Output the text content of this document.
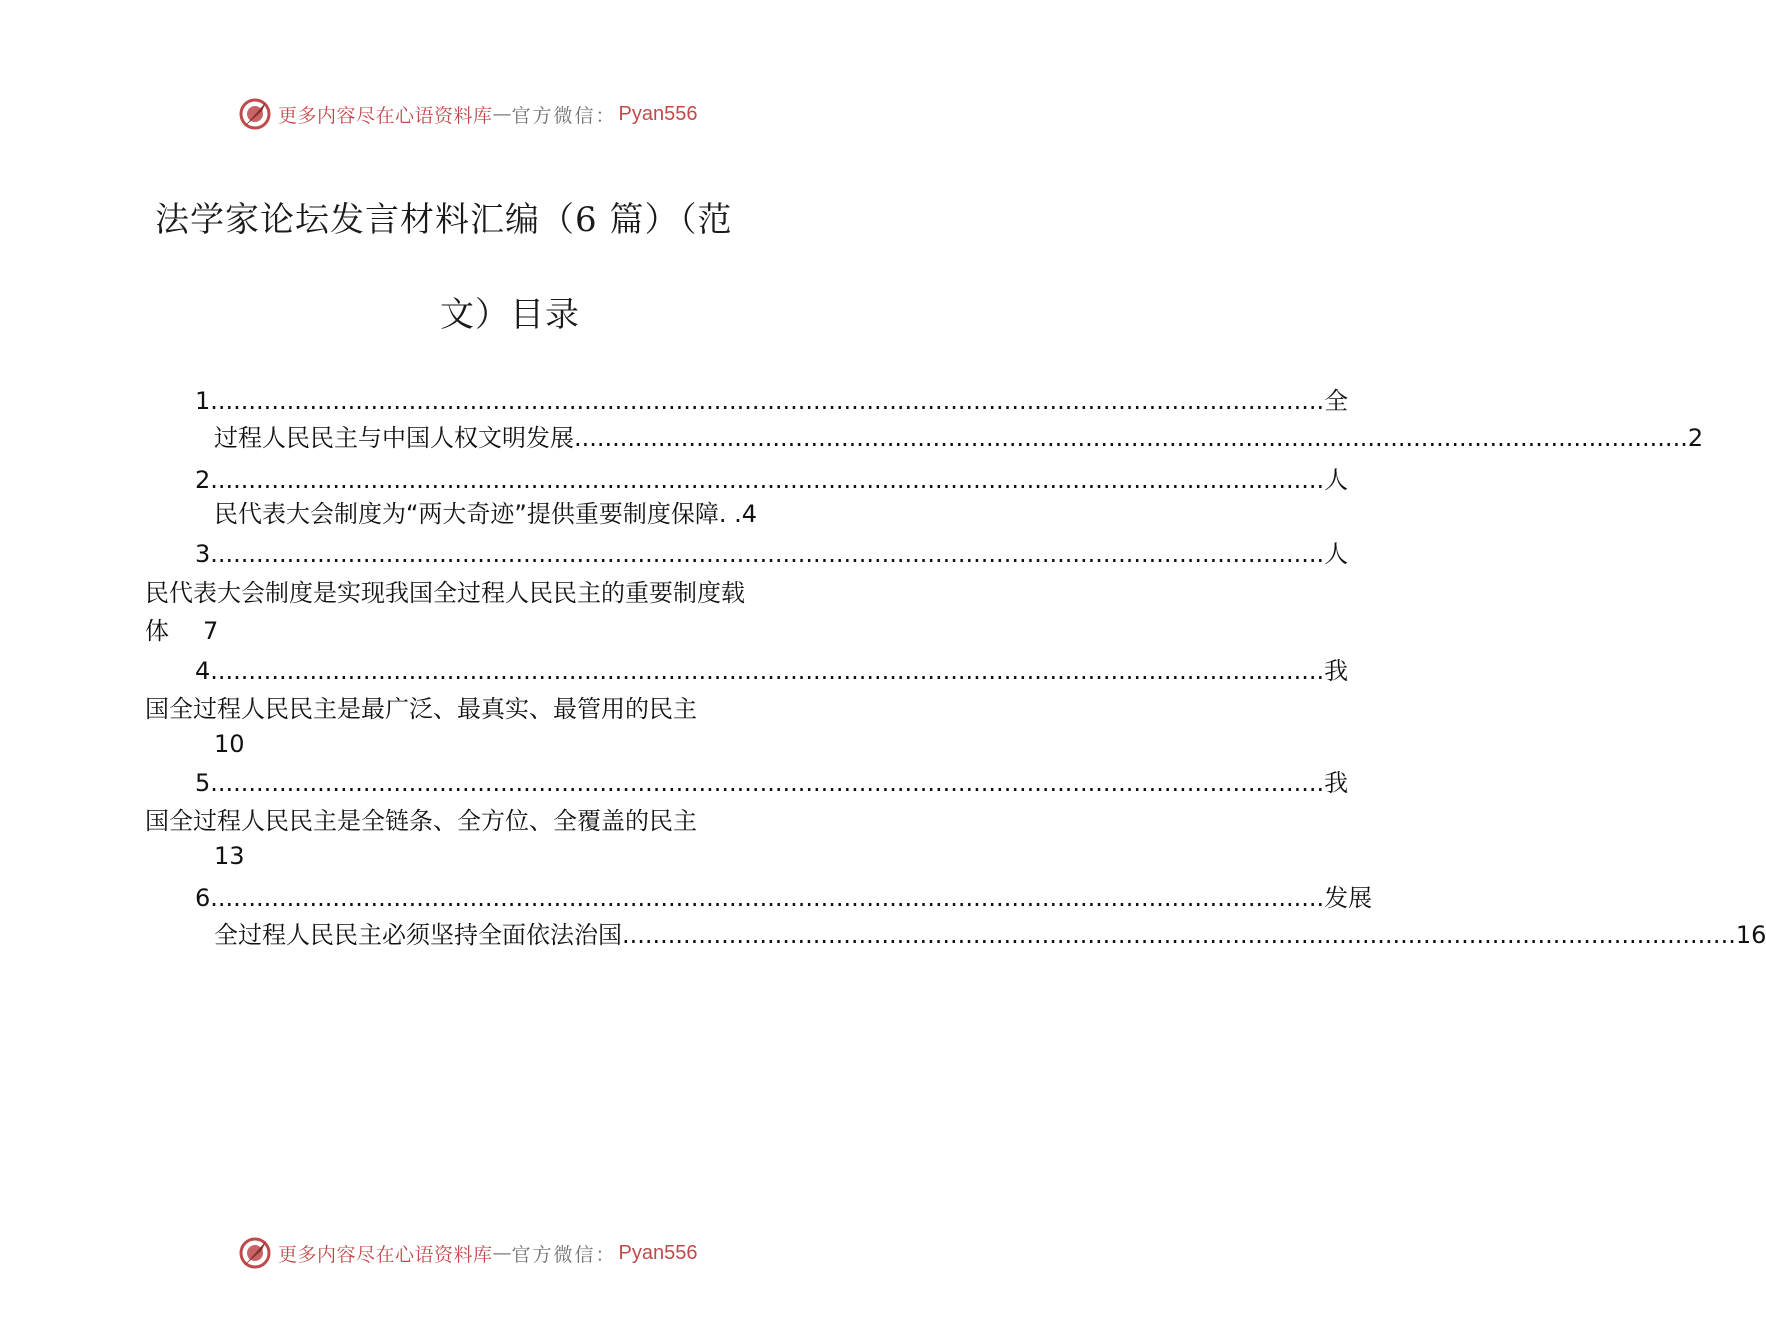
更多内容尽在心语资料库 — 官方微信： Pyan556
法学家论坛发言材料汇编（6 篇）（范
文）目录
1 .................................................................................................................................................. 全
过程人民民主与中国人权文明发展 .................................................................................................................................................. 2
2 .................................................................................................................................................. 人
民代表大会制度为“两大奇迹”提供重要制度保障. .4
3 .................................................................................................................................................. 人
民代表大会制度是实现我国全过程人民民主的重要制度载
体 7
4 .................................................................................................................................................. 我
国全过程人民民主是最广泛、最真实、最管用的民主
10
5 .................................................................................................................................................. 我
国全过程人民民主是全链条、全方位、全覆盖的民主
13
6 .................................................................................................................................................. 发展
全过程人民民主必须坚持全面依法治国 .................................................................................................................................................. 16
更多内容尽在心语资料库 — 官方微信： Pyan556
